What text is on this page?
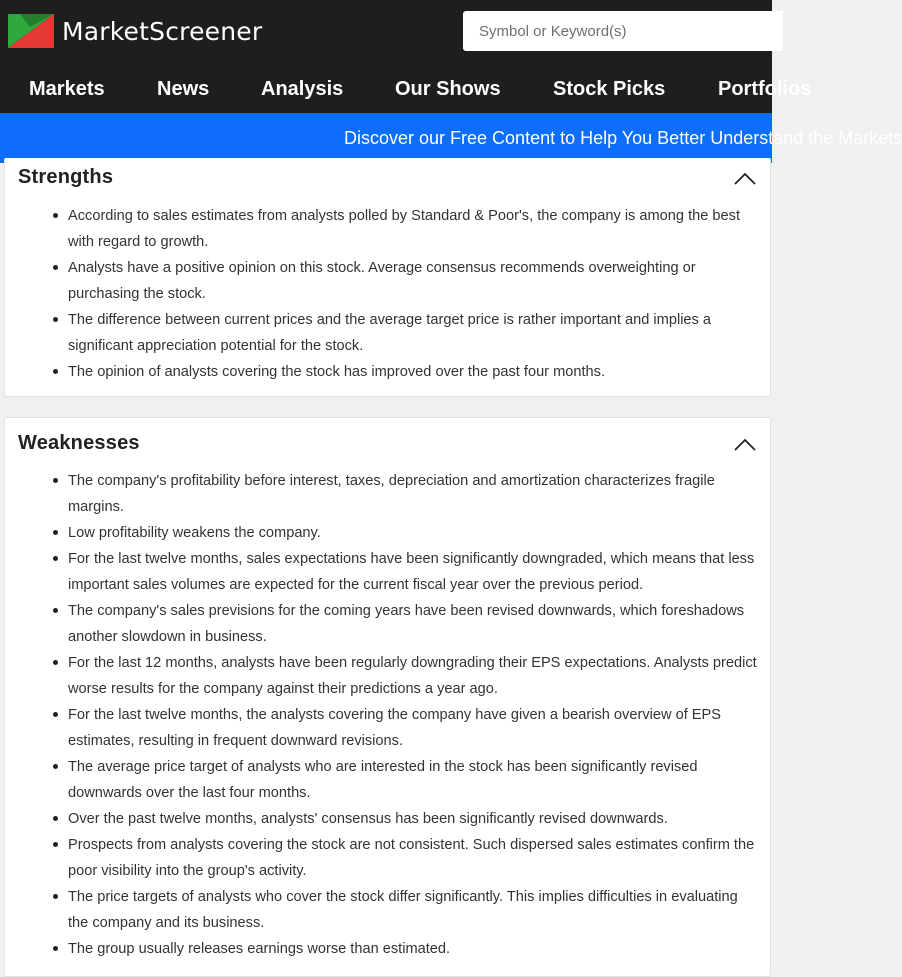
MarketScreener
Symbol or Keyword(s)
Markets	News	Analysis	Our Shows	Stock Picks	Portfolios
Discover our Free Content to Help You Better Understand the Markets
Strengths
According to sales estimates from analysts polled by Standard & Poor's, the company is among the best with regard to growth.
Analysts have a positive opinion on this stock. Average consensus recommends overweighting or purchasing the stock.
The difference between current prices and the average target price is rather important and implies a significant appreciation potential for the stock.
The opinion of analysts covering the stock has improved over the past four months.
Weaknesses
The company's profitability before interest, taxes, depreciation and amortization characterizes fragile margins.
Low profitability weakens the company.
For the last twelve months, sales expectations have been significantly downgraded, which means that less important sales volumes are expected for the current fiscal year over the previous period.
The company's sales previsions for the coming years have been revised downwards, which foreshadows another slowdown in business.
For the last 12 months, analysts have been regularly downgrading their EPS expectations. Analysts predict worse results for the company against their predictions a year ago.
For the last twelve months, the analysts covering the company have given a bearish overview of EPS estimates, resulting in frequent downward revisions.
The average price target of analysts who are interested in the stock has been significantly revised downwards over the last four months.
Over the past twelve months, analysts' consensus has been significantly revised downwards.
Prospects from analysts covering the stock are not consistent. Such dispersed sales estimates confirm the poor visibility into the group's activity.
The price targets of analysts who cover the stock differ significantly. This implies difficulties in evaluating the company and its business.
The group usually releases earnings worse than estimated.
